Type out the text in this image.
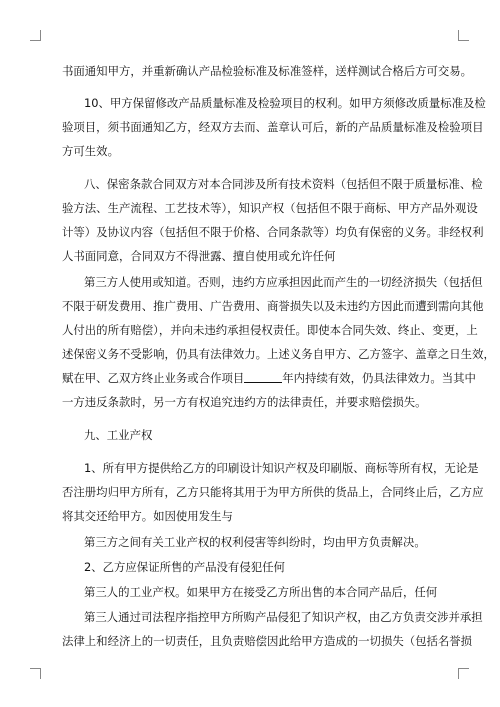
书面通知甲方，并重新确认产品检验标准及标准签样，送样测试合格后方可交易。
10、甲方保留修改产品质量标准及检验项目的权利。如甲方须修改质量标准及检
验项目，须书面通知乙方，经双方去而、盖章认可后，新的产品质量标准及检验项目
方可生效。
八、保密条款合同双方对本合同涉及所有技术资料（包括但不限于质量标准、检
验方法、生产流程、工艺技术等），知识产权（包括但不限于商标、甲方产品外观设
计等）及协议内容（包括但不限于价格、合同条款等）均负有保密的义务。非经权利
人书面同意，合同双方不得泄露、擅自使用或允许任何
第三方人使用或知道。否则，违约方应承担因此而产生的一切经济损失（包括但
不限于研发费用、推广费用、广告费用、商誉损失以及未违约方因此而遭到需向其他
人付出的所有赔偿），并向未违约承担侵权责任。即使本合同失效、终止、变更，上
述保密义务不受影响，仍具有法律效力。上述义务自甲方、乙方签字、盖章之日生效，
赋在甲、乙双方终止业务或合作项目	年内持续有效，仍具法律效力。当其中
一方违反条款时，另一方有权追究违约方的法律责任，并要求赔偿损失。
九、工业产权
1、所有甲方提供给乙方的印刷设计知识产权及印刷版、商标等所有权，无论是
否注册均归甲方所有，乙方只能将其用于为甲方所供的货品上，合同终止后，乙方应
将其交还给甲方。如因使用发生与
第三方之间有关工业产权的权利侵害等纠纷时，均由甲方负责解决。
2、乙方应保证所售的产品没有侵犯任何
第三人的工业产权。如果甲方在接受乙方所出售的本合同产品后，任何
第三人通过司法程序指控甲方所购产品侵犯了知识产权，由乙方负责交涉并承担
法律上和经济上的一切责任，且负责赔偿因此给甲方造成的一切损失（包括名誉损
